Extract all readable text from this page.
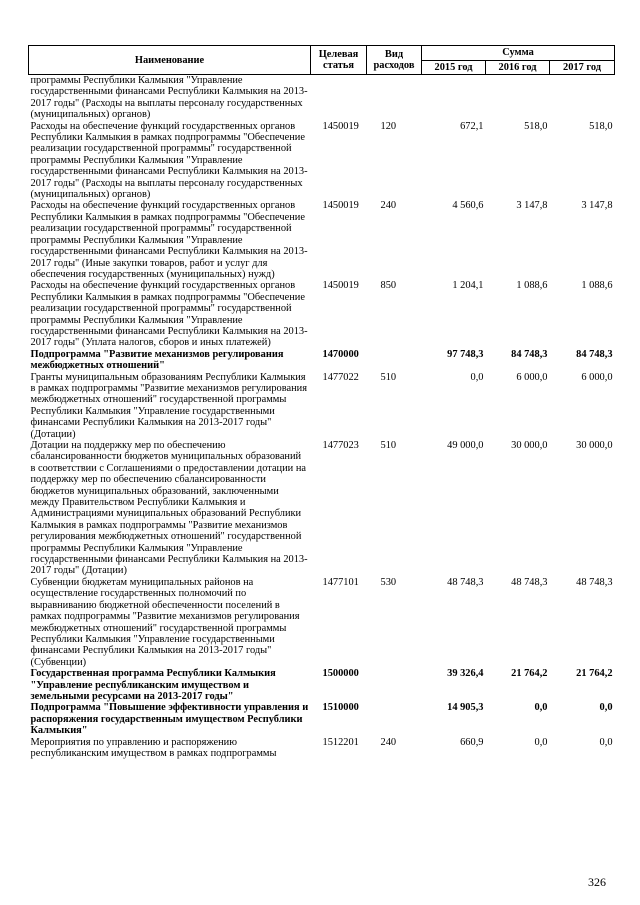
Наименование	Целевая статья	Вид расходов	Сумма		
			2015 год	2016 год	2017 год
программы Республики Калмыкия "Управление государственными финансами Республики Калмыкия на 2013-2017 годы" (Расходы на выплаты персоналу государственных (муниципальных) органов)					
Расходы на обеспечение функций государственных органов Республики Калмыкия в рамках подпрограммы "Обеспечение реализации государственной программы" государственной программы Республики Калмыкия "Управление государственными финансами Республики Калмыкия на 2013-2017 годы" (Расходы на выплаты персоналу государственных (муниципальных) органов)	1450019	120	672,1	518,0	518,0
Расходы на обеспечение функций государственных органов Республики Калмыкия в рамках подпрограммы "Обеспечение реализации государственной программы" государственной программы Республики Калмыкия "Управление государственными финансами Республики Калмыкия на 2013-2017 годы" (Иные закупки товаров, работ и услуг для обеспечения государственных (муниципальных) нужд)	1450019	240	4 560,6	3 147,8	3 147,8
Расходы на обеспечение функций государственных органов Республики Калмыкия в рамках подпрограммы "Обеспечение реализации государственной программы" государственной программы Республики Калмыкия "Управление государственными финансами Республики Калмыкия на 2013-2017 годы" (Уплата налогов, сборов и иных платежей)	1450019	850	1 204,1	1 088,6	1 088,6
Подпрограмма "Развитие механизмов регулирования межбюджетных отношений"	1470000		97 748,3	84 748,3	84 748,3
Гранты муниципальным образованиям Республики Калмыкия в рамках подпрограммы "Развитие механизмов регулирования межбюджетных отношений" государственной программы Республики Калмыкия "Управление государственными финансами Республики Калмыкия на 2013-2017 годы" (Дотации)	1477022	510	0,0	6 000,0	6 000,0
Дотации на поддержку мер по обеспечению сбалансированности бюджетов муниципальных образований в соответствии с Соглашениями о предоставлении дотации на поддержку мер по обеспечению сбалансированности бюджетов муниципальных образований, заключенными между Правительством Республики Калмыкия и Администрациями муниципальных образований Республики Калмыкия в рамках подпрограммы "Развитие механизмов регулирования межбюджетных отношений" государственной программы Республики Калмыкия "Управление государственными финансами Республики Калмыкия на 2013-2017 годы" (Дотации)	1477023	510	49 000,0	30 000,0	30 000,0
Субвенции бюджетам муниципальных районов на осуществление государственных полномочий по выравниванию бюджетной обеспеченности поселений в рамках подпрограммы "Развитие механизмов регулирования межбюджетных отношений" государственной программы Республики Калмыкия "Управление государственными финансами Республики Калмыкия на 2013-2017 годы" (Субвенции)	1477101	530	48 748,3	48 748,3	48 748,3
Государственная программа Республики Калмыкия "Управление республиканским имуществом и земельными ресурсами на 2013-2017 годы"	1500000		39 326,4	21 764,2	21 764,2
Подпрограмма "Повышение эффективности управления и распоряжения государственным имуществом Республики Калмыкия"	1510000		14 905,3	0,0	0,0
Мероприятия по управлению и распоряжению республиканским имуществом в рамках подпрограммы	1512201	240	660,9	0,0	0,0
326
